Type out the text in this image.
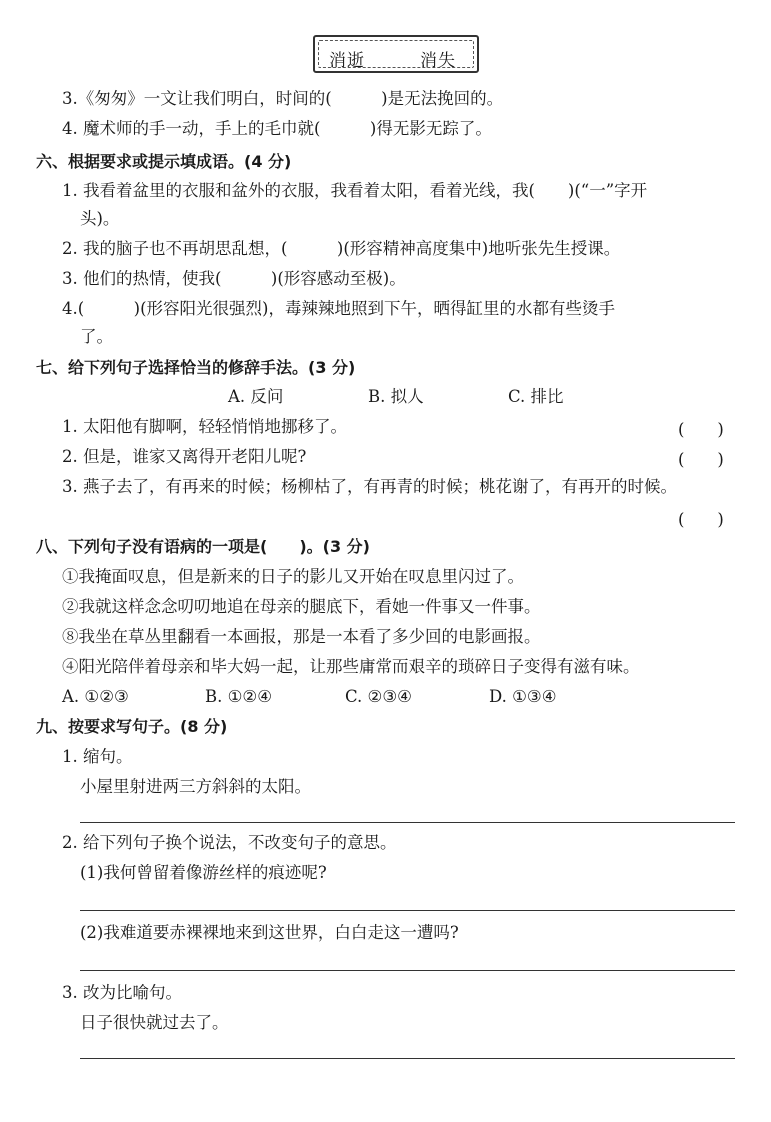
消逝	消失
3.《匆匆》一文让我们明白，时间的(　　　)是无法挽回的。
4. 魔术师的手一动，手上的毛巾就(　　　)得无影无踪了。
六、根据要求或提示填成语。(4 分)
1. 我看着盆里的衣服和盆外的衣服，我看着太阳，看着光线，我(　　)(“一”字开
头)。
2. 我的脑子也不再胡思乱想，(　　　)(形容精神高度集中)地听张先生授课。
3. 他们的热情，使我(　　　)(形容感动至极)。
4.(　　　)(形容阳光很强烈)，毒辣辣地照到下午，晒得缸里的水都有些烫手
了。
七、给下列句子选择恰当的修辞手法。(3 分)
A. 反问	B. 拟人	C. 排比
1. 太阳他有脚啊，轻轻悄悄地挪移了。	(　　)
2. 但是，谁家又离得开老阳儿呢?	(　　)
3. 燕子去了，有再来的时候；杨柳枯了，有再青的时候；桃花谢了，有再开的时候。
(　　)
八、下列句子没有语病的一项是(　　)。(3 分)
①我掩面叹息，但是新来的日子的影儿又开始在叹息里闪过了。
②我就这样念念叨叨地追在母亲的腿底下，看她一件事又一件事。
⑧我坐在草丛里翻看一本画报，那是一本看了多少回的电影画报。
④阳光陪伴着母亲和毕大妈一起，让那些庸常而艰辛的琐碎日子变得有滋有味。
A. ①②③	B. ①②④	C. ②③④	D. ①③④
九、按要求写句子。(8 分)
1. 缩句。
小屋里射进两三方斜斜的太阳。
2. 给下列句子换个说法，不改变句子的意思。
(1)我何曾留着像游丝样的痕迹呢?
(2)我难道要赤裸裸地来到这世界，白白走这一遭吗?
3. 改为比喻句。
日子很快就过去了。
